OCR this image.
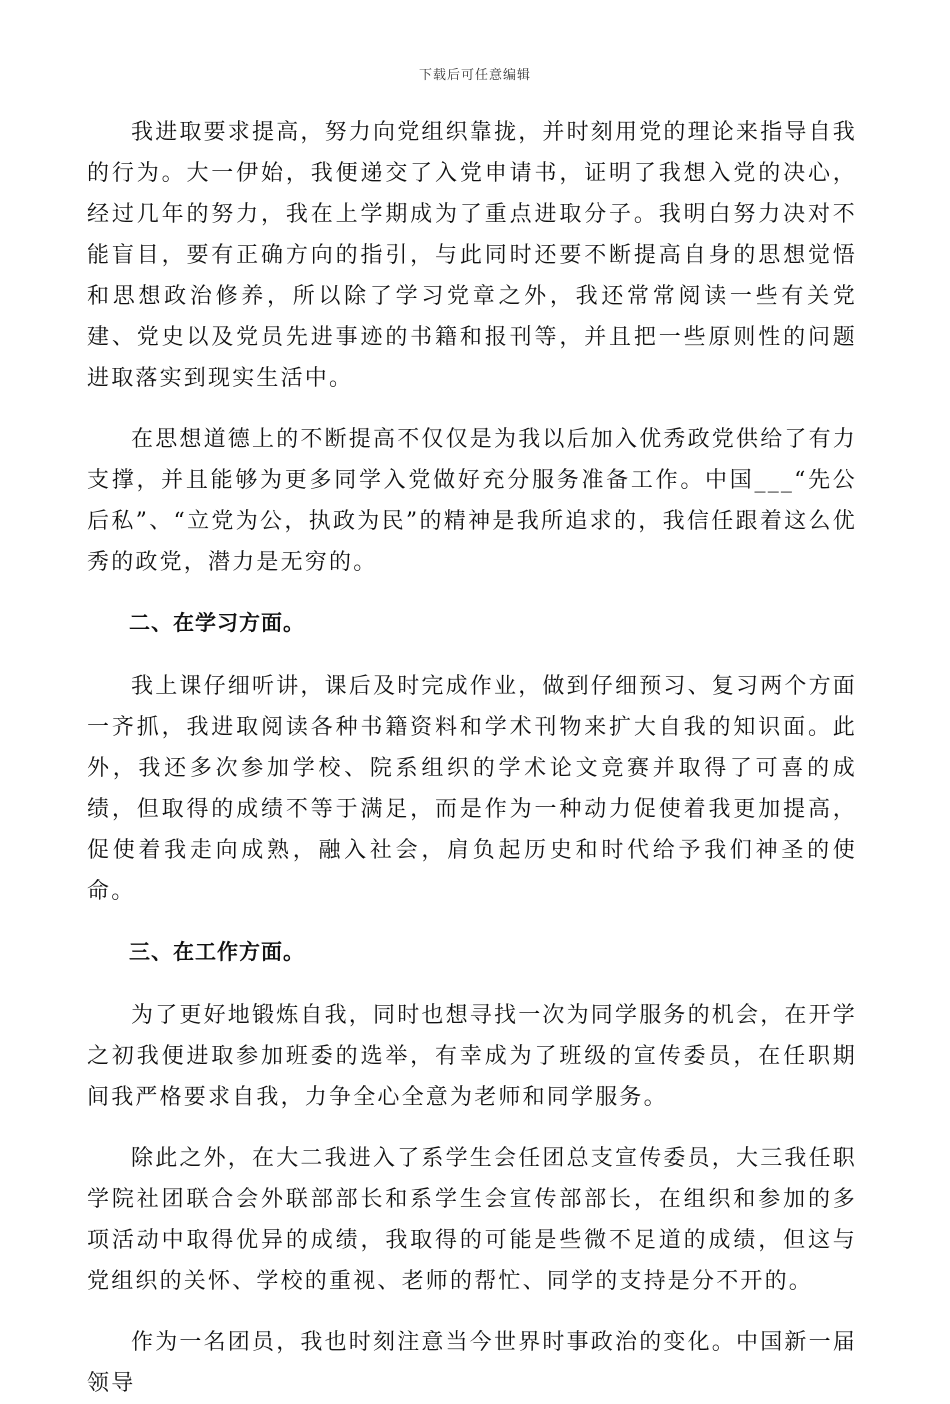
下载后可任意编辑

我进取要求提高，努力向党组织靠拢，并时刻用党的理论来指导自我的行为。大一伊始，我便递交了入党申请书，证明了我想入党的决心，经过几年的努力，我在上学期成为了重点进取分子。我明白努力决对不能盲目，要有正确方向的指引，与此同时还要不断提高自身的思想觉悟和思想政治修养，所以除了学习党章之外，我还常常阅读一些有关党建、党史以及党员先进事迹的书籍和报刊等，并且把一些原则性的问题进取落实到现实生活中。

在思想道德上的不断提高不仅仅是为我以后加入优秀政党供给了有力支撑，并且能够为更多同学入党做好充分服务准备工作。中国___“先公后私”、“立党为公，执政为民”的精神是我所追求的，我信任跟着这么优秀的政党，潜力是无穷的。

二、在学习方面。

我上课仔细听讲，课后及时完成作业，做到仔细预习、复习两个方面一齐抓，我进取阅读各种书籍资料和学术刊物来扩大自我的知识面。此外，我还多次参加学校、院系组织的学术论文竞赛并取得了可喜的成绩，但取得的成绩不等于满足，而是作为一种动力促使着我更加提高，促使着我走向成熟，融入社会，肩负起历史和时代给予我们神圣的使命。

三、在工作方面。

为了更好地锻炼自我，同时也想寻找一次为同学服务的机会，在开学之初我便进取参加班委的选举，有幸成为了班级的宣传委员，在任职期间我严格要求自我，力争全心全意为老师和同学服务。

除此之外，在大二我进入了系学生会任团总支宣传委员，大三我任职学院社团联合会外联部部长和系学生会宣传部部长，在组织和参加的多项活动中取得优异的成绩，我取得的可能是些微不足道的成绩，但这与党组织的关怀、学校的重视、老师的帮忙、同学的支持是分不开的。

作为一名团员，我也时刻注意当今世界时事政治的变化。中国新一届领导
